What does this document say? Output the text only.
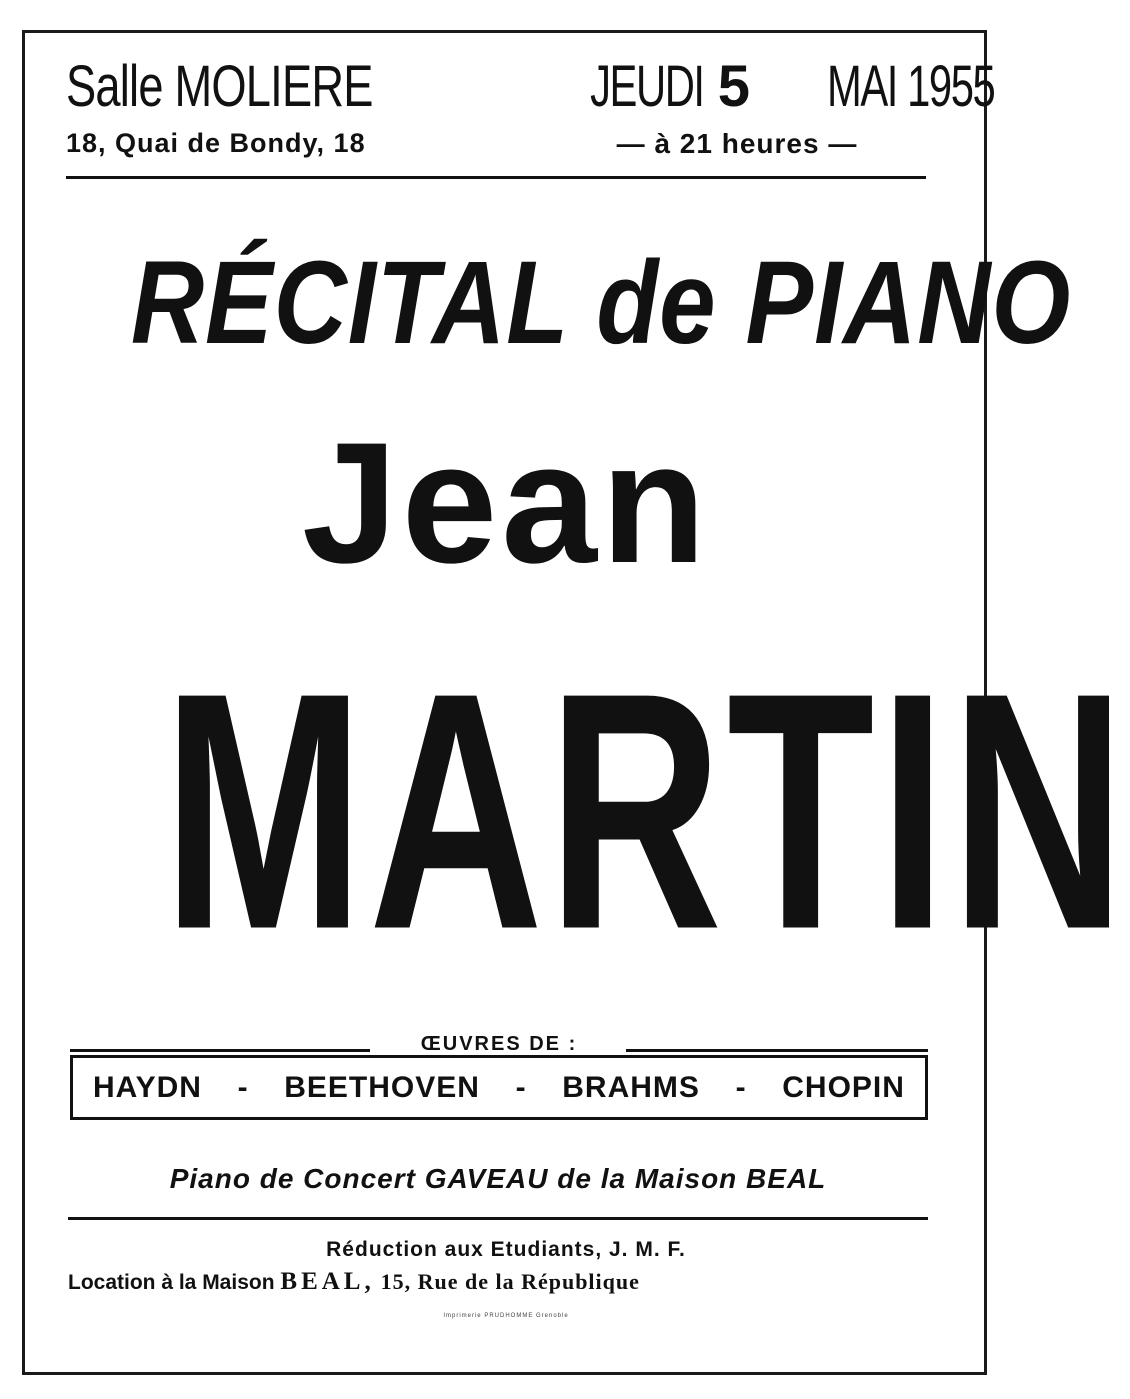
Salle MOLIERE
18, Quai de Bondy, 18
JEUDI 5 MAI 1955
— à 21 heures —
RÉCITAL de PIANO
Jean
MARTIN
ŒUVRES DE :
HAYDN - BEETHOVEN - BRAHMS - CHOPIN
Piano de Concert GAVEAU de la Maison BEAL
Réduction aux Etudiants, J. M. F.
Location à la Maison BEAL, 15, Rue de la République
Imprimerie PRUDHOMME Grenoble
